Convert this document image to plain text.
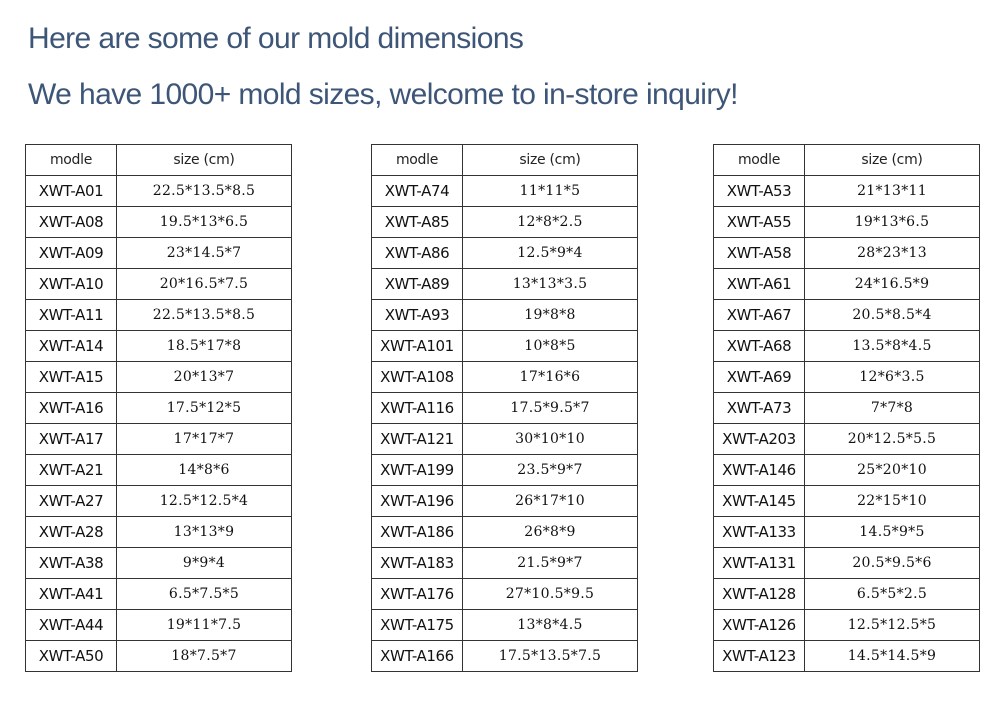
Here are some of our mold dimensions
We have 1000+ mold sizes, welcome to in-store inquiry!
modle	size (cm)
XWT-A01	22.5*13.5*8.5
XWT-A08	19.5*13*6.5
XWT-A09	23*14.5*7
XWT-A10	20*16.5*7.5
XWT-A11	22.5*13.5*8.5
XWT-A14	18.5*17*8
XWT-A15	20*13*7
XWT-A16	17.5*12*5
XWT-A17	17*17*7
XWT-A21	14*8*6
XWT-A27	12.5*12.5*4
XWT-A28	13*13*9
XWT-A38	9*9*4
XWT-A41	6.5*7.5*5
XWT-A44	19*11*7.5
XWT-A50	18*7.5*7
modle	size (cm)
XWT-A74	11*11*5
XWT-A85	12*8*2.5
XWT-A86	12.5*9*4
XWT-A89	13*13*3.5
XWT-A93	19*8*8
XWT-A101	10*8*5
XWT-A108	17*16*6
XWT-A116	17.5*9.5*7
XWT-A121	30*10*10
XWT-A199	23.5*9*7
XWT-A196	26*17*10
XWT-A186	26*8*9
XWT-A183	21.5*9*7
XWT-A176	27*10.5*9.5
XWT-A175	13*8*4.5
XWT-A166	17.5*13.5*7.5
modle	size (cm)
XWT-A53	21*13*11
XWT-A55	19*13*6.5
XWT-A58	28*23*13
XWT-A61	24*16.5*9
XWT-A67	20.5*8.5*4
XWT-A68	13.5*8*4.5
XWT-A69	12*6*3.5
XWT-A73	7*7*8
XWT-A203	20*12.5*5.5
XWT-A146	25*20*10
XWT-A145	22*15*10
XWT-A133	14.5*9*5
XWT-A131	20.5*9.5*6
XWT-A128	6.5*5*2.5
XWT-A126	12.5*12.5*5
XWT-A123	14.5*14.5*9
